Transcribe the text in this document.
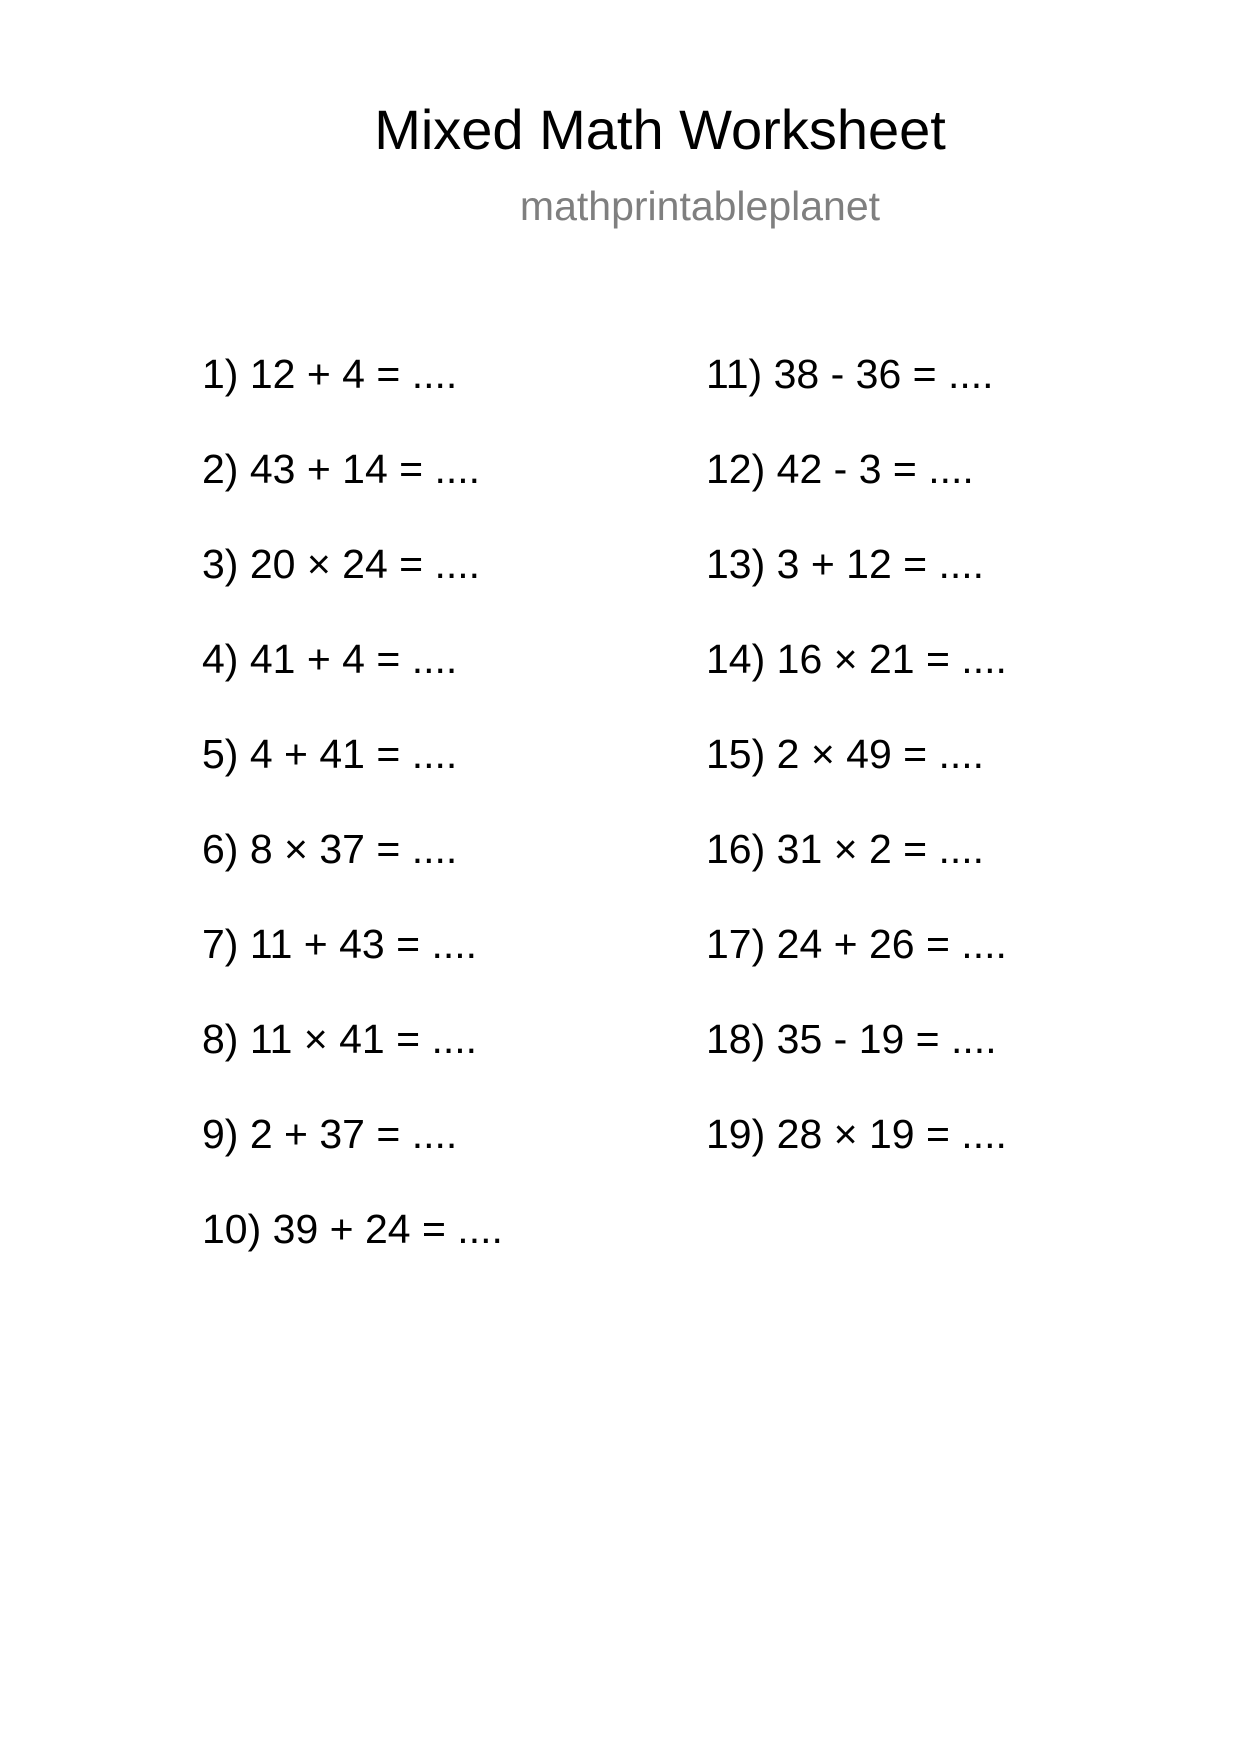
Mixed Math Worksheet
mathprintableplanet
1) 12 + 4 = ....
2) 43 + 14 = ....
3) 20 × 24 = ....
4) 41 + 4 = ....
5) 4 + 41 = ....
6) 8 × 37 = ....
7) 11 + 43 = ....
8) 11 × 41 = ....
9) 2 + 37 = ....
10) 39 + 24 = ....
11) 38 - 36 = ....
12) 42 - 3 = ....
13) 3 + 12 = ....
14) 16 × 21 = ....
15) 2 × 49 = ....
16) 31 × 2 = ....
17) 24 + 26 = ....
18) 35 - 19 = ....
19) 28 × 19 = ....
